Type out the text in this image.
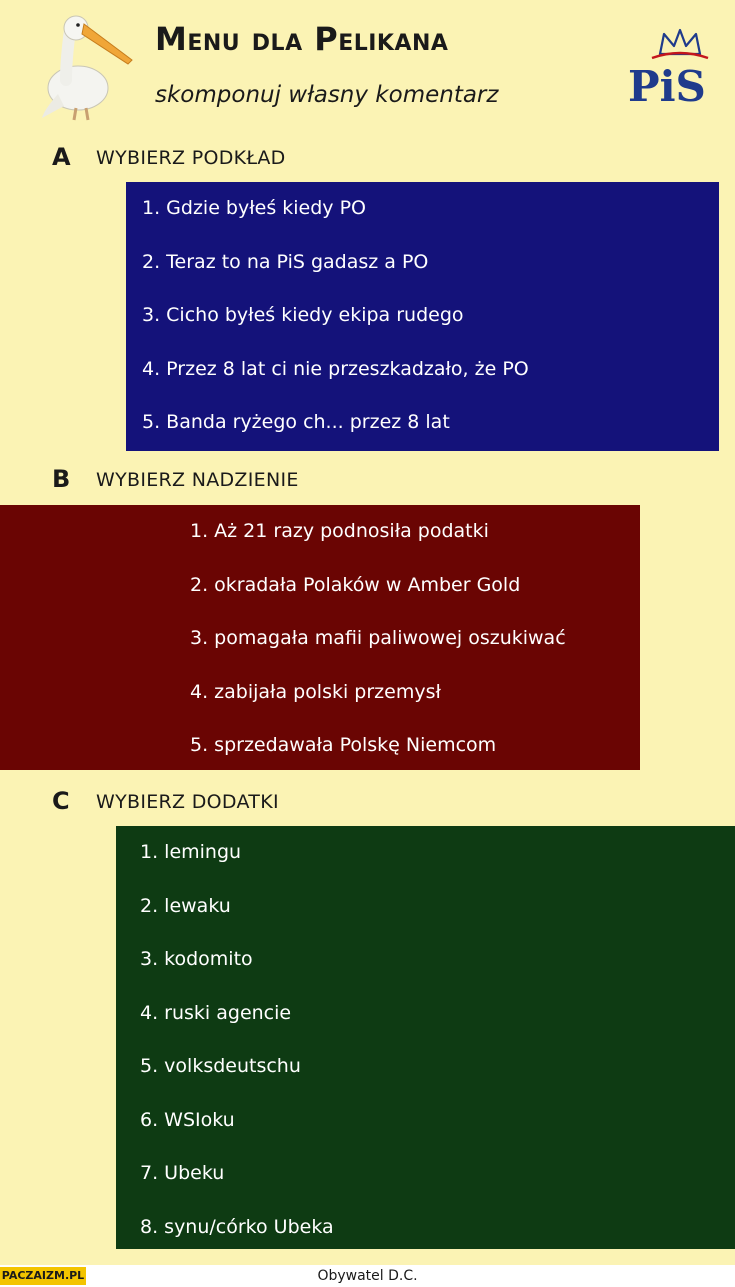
Menu dla Pelikana
skomponuj własny komentarz	PiS
A WYBIERZ PODKŁAD
1. Gdzie byłeś kiedy PO
2. Teraz to na PiS gadasz a PO
3. Cicho byłeś kiedy ekipa rudego
4. Przez 8 lat ci nie przeszkadzało, że PO
5. Banda ryżego ch... przez 8 lat
B WYBIERZ NADZIENIE
1. Aż 21 razy podnosiła podatki
2. okradała Polaków w Amber Gold
3. pomagała mafii paliwowej oszukiwać
4. zabijała polski przemysł
5. sprzedawała Polskę Niemcom
C WYBIERZ DODATKI
1. lemingu
2. lewaku
3. kodomito
4. ruski agencie
5. volksdeutschu
6. WSIoku
7. Ubeku
8. synu/córko Ubeka
Obywatel D.C.
PACZAIZM.PL
